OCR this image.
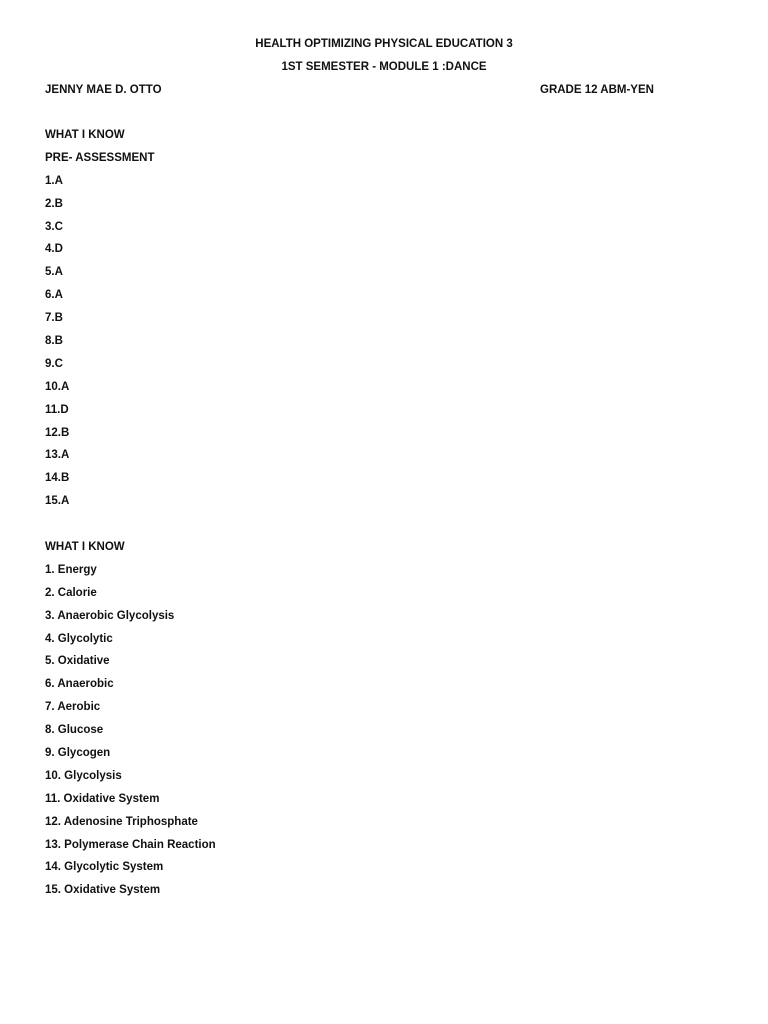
HEALTH OPTIMIZING PHYSICAL EDUCATION 3
1ST SEMESTER - MODULE 1 :DANCE
JENNY MAE D. OTTO	GRADE 12 ABM-YEN
WHAT I KNOW
PRE- ASSESSMENT
1.A
2.B
3.C
4.D
5.A
6.A
7.B
8.B
9.C
10.A
11.D
12.B
13.A
14.B
15.A
WHAT I KNOW
1. Energy
2. Calorie
3. Anaerobic Glycolysis
4. Glycolytic
5. Oxidative
6. Anaerobic
7. Aerobic
8. Glucose
9. Glycogen
10. Glycolysis
11. Oxidative System
12. Adenosine Triphosphate
13. Polymerase Chain Reaction
14. Glycolytic System
15. Oxidative System
